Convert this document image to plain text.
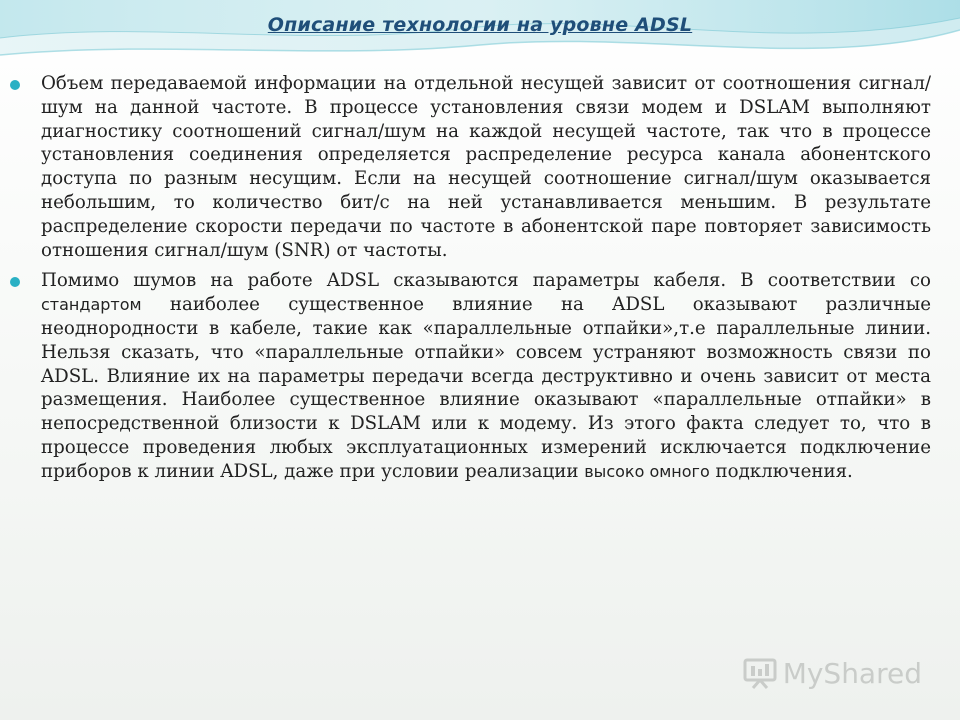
Описание технологии на уровне ADSL
Объем передаваемой информации на отдельной несущей зависит от соотношения сигнал/шум на данной частоте. В процессе установления связи модем и DSLAM выполняют диагностику соотношений сигнал/шум на каждой несущей частоте, так что в процессе установления соединения определяется распределение ресурса канала абонентского доступа по разным несущим. Если на несущей соотношение сигнал/шум оказывается небольшим, то количество бит/с на ней устанавливается меньшим. В результате распределение скорости передачи по частоте в абонентской паре повторяет зависимость отношения сигнал/шум (SNR) от частоты.
Помимо шумов на работе ADSL сказываются параметры кабеля. В соответствии со стандартом наиболее существенное влияние на ADSL оказывают различные неоднородности в кабеле, такие как «параллельные отпайки»,т.е параллельные линии. Нельзя сказать, что «параллельные отпайки» совсем устраняют возможность связи по ADSL. Влияние их на параметры передачи всегда деструктивно и очень зависит от места размещения. Наиболее существенное влияние оказывают «параллельные отпайки» в непосредственной близости к DSLAM или к модему. Из этого факта следует то, что в процессе проведения любых эксплуатационных измерений исключается подключение приборов к линии ADSL, даже при условии реализации высоко омного подключения.
MyShared
